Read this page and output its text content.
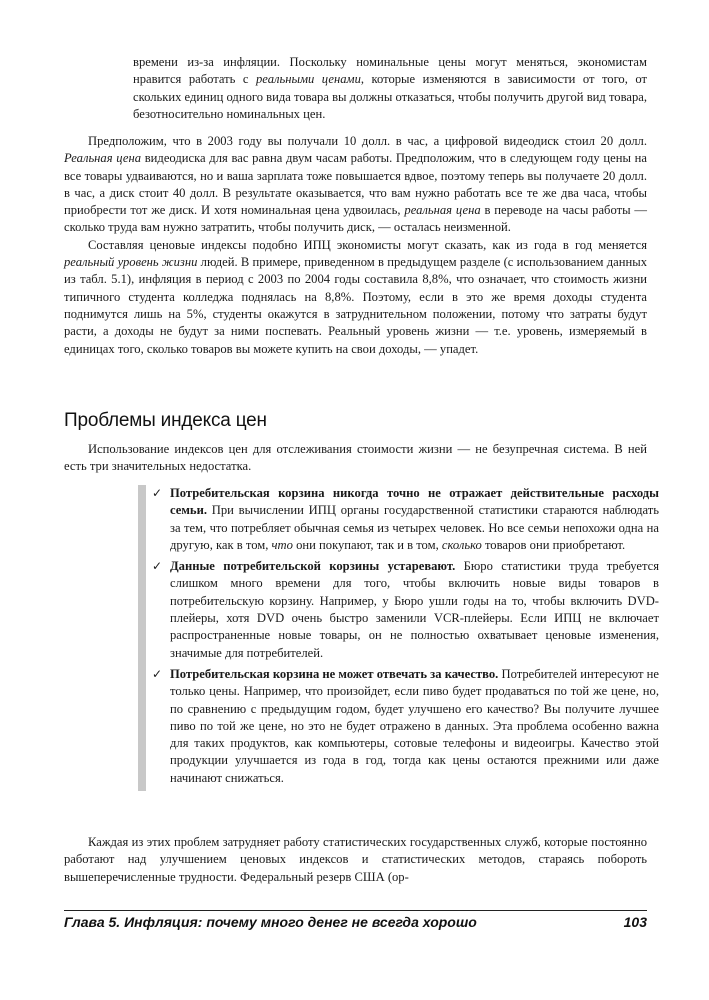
времени из-за инфляции. Поскольку номинальные цены могут меняться, экономистам нравится работать с реальными ценами, которые изменяются в зависимости от того, от скольких единиц одного вида товара вы должны отказаться, чтобы получить другой вид товара, безотносительно номинальных цен.

Предположим, что в 2003 году вы получали 10 долл. в час, а цифровой видеодиск стоил 20 долл. Реальная цена видеодиска для вас равна двум часам работы. Предположим, что в следующем году цены на все товары удваиваются, но и ваша зарплата тоже повышается вдвое, поэтому теперь вы получаете 20 долл. в час, а диск стоит 40 долл. В результате оказывается, что вам нужно работать все те же два часа, чтобы приобрести тот же диск. И хотя номинальная цена удвоилась, реальная цена в переводе на часы работы — сколько труда вам нужно затратить, чтобы получить диск, — осталась неизменной.

Составляя ценовые индексы подобно ИПЦ экономисты могут сказать, как из года в год меняется реальный уровень жизни людей. В примере, приведенном в предыдущем разделе (с использованием данных из табл. 5.1), инфляция в период с 2003 по 2004 годы составила 8,8%, что означает, что стоимость жизни типичного студента колледжа поднялась на 8,8%. Поэтому, если в это же время доходы студента поднимутся лишь на 5%, студенты окажутся в затруднительном положении, потому что затраты будут расти, а доходы не будут за ними поспевать. Реальный уровень жизни — т.е. уровень, измеряемый в единицах того, сколько товаров вы можете купить на свои доходы, — упадет.

Проблемы индекса цен

Использование индексов цен для отслеживания стоимости жизни — не безупречная система. В ней есть три значительных недостатка.

✓ Потребительская корзина никогда точно не отражает действительные расходы семьи. При вычислении ИПЦ органы государственной статистики стараются наблюдать за тем, что потребляет обычная семья из четырех человек. Но все семьи непохожи одна на другую, как в том, что они покупают, так и в том, сколько товаров они приобретают.
✓ Данные потребительской корзины устаревают. Бюро статистики труда требуется слишком много времени для того, чтобы включить новые виды товаров в потребительскую корзину. Например, у Бюро ушли годы на то, чтобы включить DVD-плейеры, хотя DVD очень быстро заменили VCR-плейеры. Если ИПЦ не включает распространенные новые товары, он не полностью охватывает ценовые изменения, значимые для потребителей.
✓ Потребительская корзина не может отвечать за качество. Потребителей интересуют не только цены. Например, что произойдет, если пиво будет продаваться по той же цене, но, по сравнению с предыдущим годом, будет улучшено его качество? Вы получите лучшее пиво по той же цене, но это не будет отражено в данных. Эта проблема особенно важна для таких продуктов, как компьютеры, сотовые телефоны и видеоигры. Качество этой продукции улучшается из года в год, тогда как цены остаются прежними или даже начинают снижаться.

Каждая из этих проблем затрудняет работу статистических государственных служб, которые постоянно работают над улучшением ценовых индексов и статистических методов, стараясь побороть вышеперечисленные трудности. Федеральный резерв США (ор-

Глава 5. Инфляция: почему много денег не всегда хорошо	103
